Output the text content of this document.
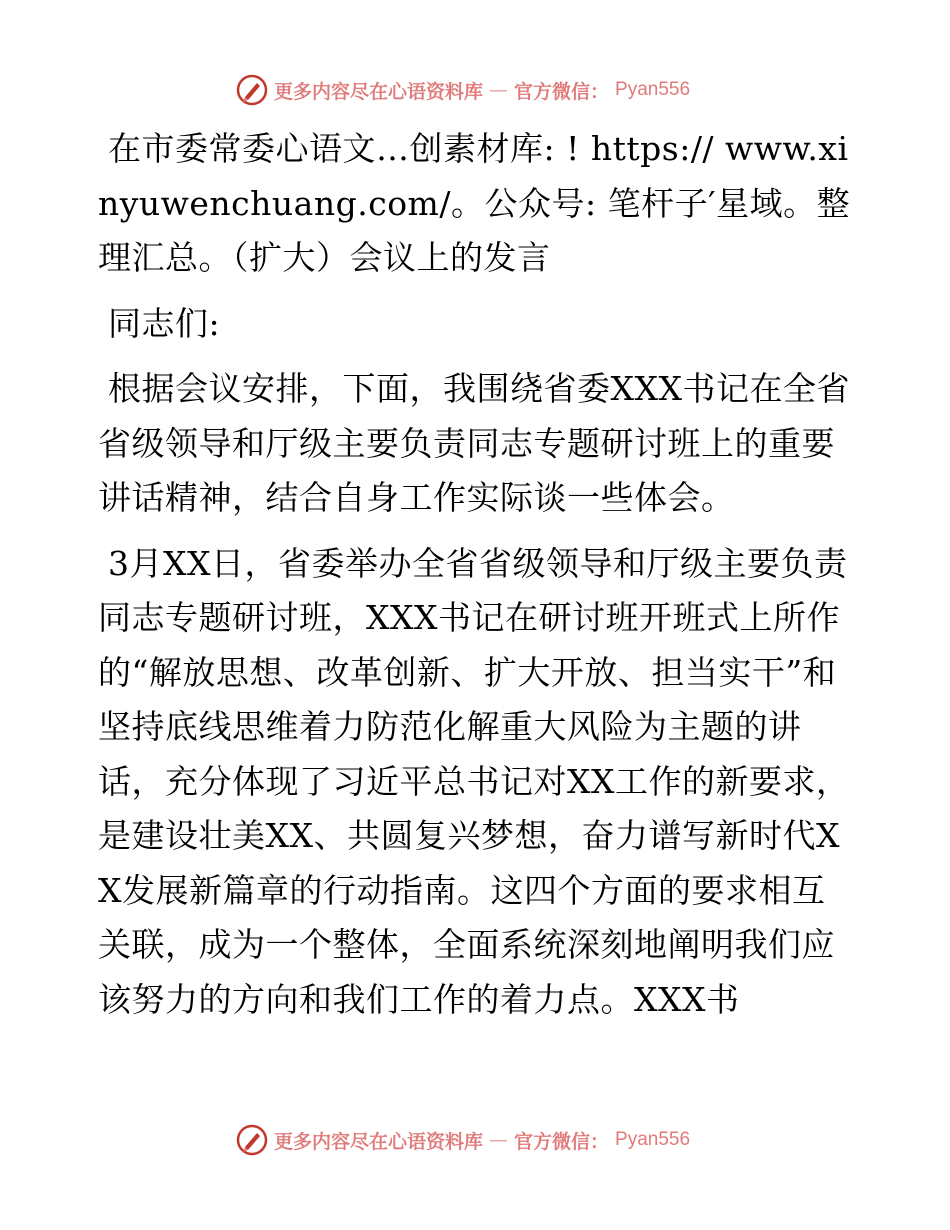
更多内容尽在心语资料库 — 官方微信： Pyan556

在市委常委心语文…创素材库: ! https:// www.xinyuwenchuang.com/。公众号: 笔杆子′星域。整理汇总。（扩大）会议上的发言

同志们:

根据会议安排，下面，我围绕省委XXX书记在全省省级领导和厅级主要负责同志专题研讨班上的重要讲话精神，结合自身工作实际谈一些体会。

3月XX日，省委举办全省省级领导和厅级主要负责同志专题研讨班，XXX书记在研讨班开班式上所作的“解放思想、改革创新、扩大开放、担当实干”和坚持底线思维着力防范化解重大风险为主题的讲话，充分体现了习近平总书记对XX工作的新要求，是建设壮美XX、共圆复兴梦想，奋力谱写新时代XX发展新篇章的行动指南。这四个方面的要求相互关联，成为一个整体，全面系统深刻地阐明我们应该努力的方向和我们工作的着力点。XXX书

更多内容尽在心语资料库 — 官方微信： Pyan556
